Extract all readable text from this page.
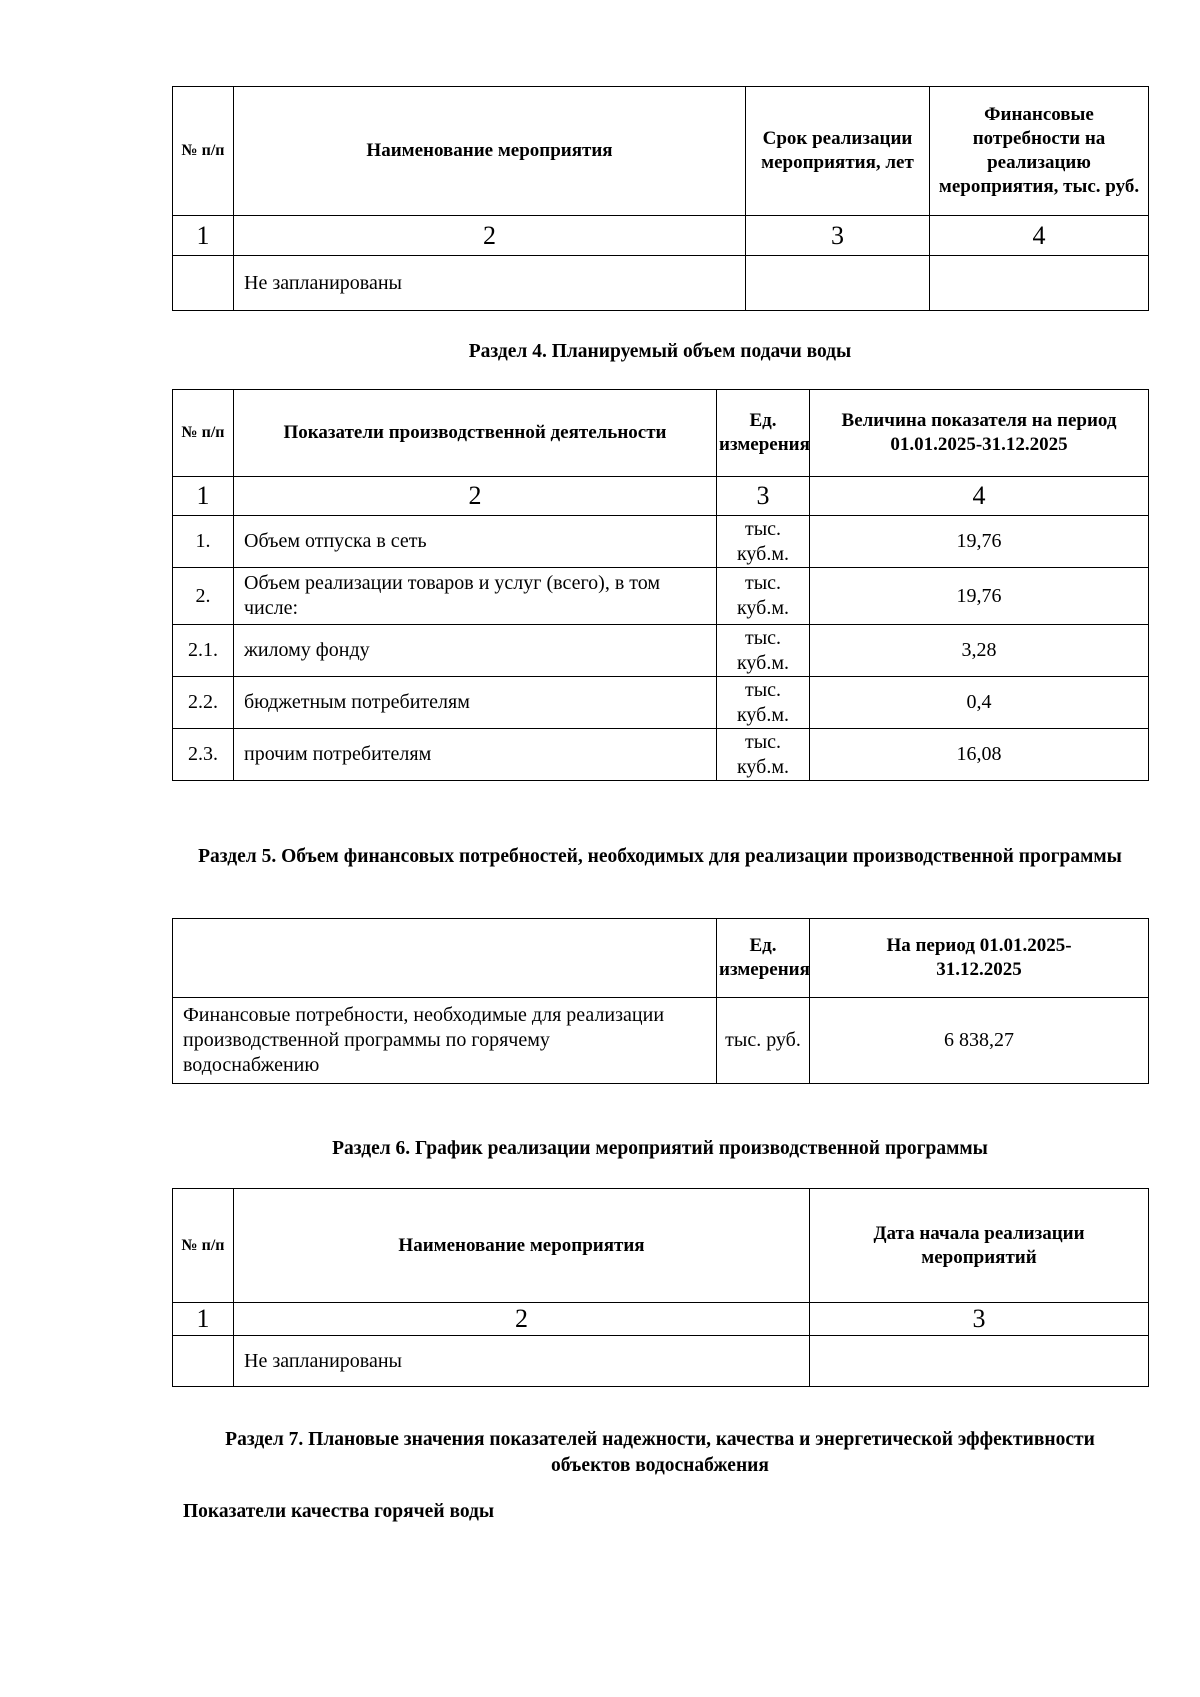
№ п/п	Наименование мероприятия	Срок реализации мероприятия, лет	Финансовые потребности на реализацию мероприятия, тыс. руб.
1	2	3	4
	Не запланированы		

Раздел 4. Планируемый объем подачи воды

№ п/п	Показатели производственной деятельности	Ед. измерения	Величина показателя на период 01.01.2025-31.12.2025
1	2	3	4
1.	Объем отпуска в сеть	тыс. куб.м.	19,76
2.	Объем реализации товаров и услуг (всего), в том числе:	тыс. куб.м.	19,76
2.1.	жилому фонду	тыс. куб.м.	3,28
2.2.	бюджетным потребителям	тыс. куб.м.	0,4
2.3.	прочим потребителям	тыс. куб.м.	16,08

Раздел 5. Объем финансовых потребностей, необходимых для реализации производственной программы

	Ед. измерения	На период 01.01.2025-31.12.2025
Финансовые потребности, необходимые для реализации производственной программы по горячему водоснабжению	тыс. руб.	6 838,27

Раздел 6. График реализации мероприятий производственной программы

№ п/п	Наименование мероприятия	Дата начала реализации мероприятий
1	2	3
	Не запланированы	

Раздел 7. Плановые значения показателей надежности, качества и энергетической эффективности объектов водоснабжения

Показатели качества горячей воды
